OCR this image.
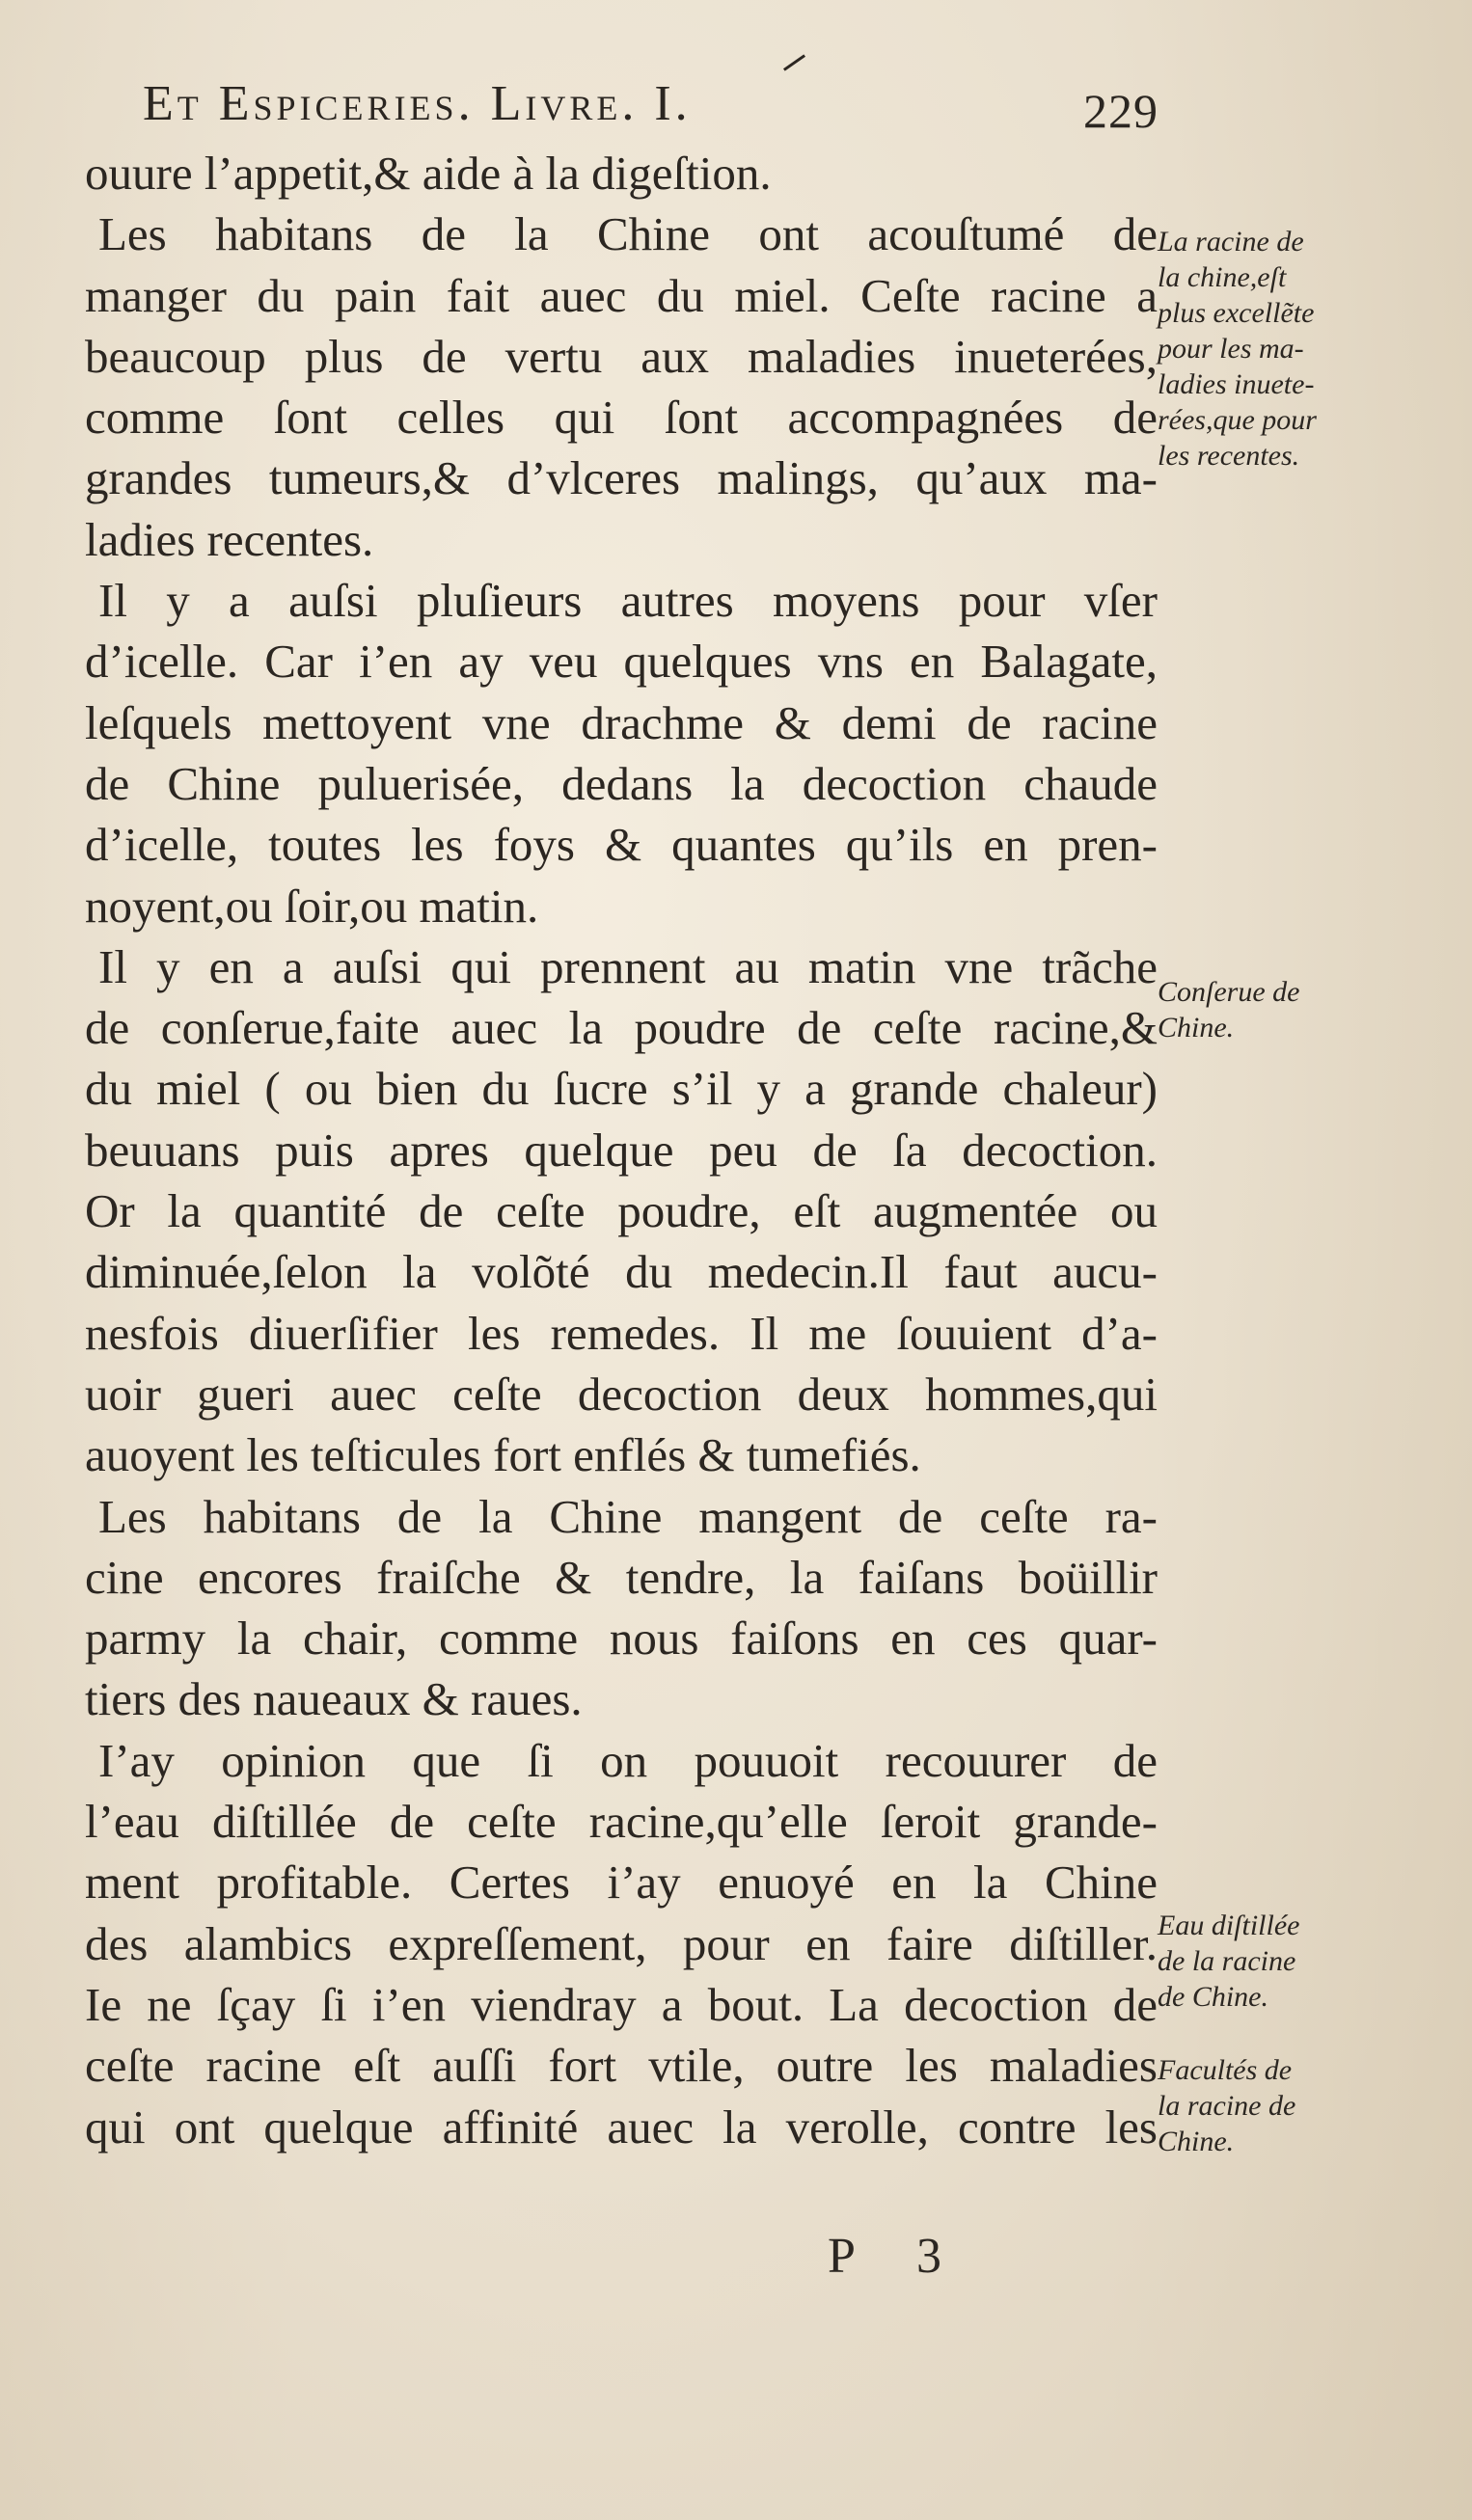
Et Espiceries. Livre. I.	229
ouure l’appetit,& aide à la digeſtion.
Les habitans de la Chine ont acouſtumé de
manger du pain fait auec du miel. Ceſte racine a
beaucoup plus de vertu aux maladies inueterées,
comme ſont celles qui ſont accompagnées de
grandes tumeurs,& d’vlceres malings, qu’aux ma-
ladies recentes.
Il y a auſsi pluſieurs autres moyens pour vſer
d’icelle. Car i’en ay veu quelques vns en Balagate,
leſquels mettoyent vne drachme & demi de racine
de Chine puluerisée, dedans la decoction chaude
d’icelle, toutes les foys & quantes qu’ils en pren-
noyent,ou ſoir,ou matin.
Il y en a auſsi qui prennent au matin vne trãche
de conſerue,faite auec la poudre de ceſte racine,&
du miel ( ou bien du ſucre s’il y a grande chaleur)
beuuans puis apres quelque peu de ſa decoction.
Or la quantité de ceſte poudre, eſt augmentée ou
diminuée,ſelon la volõté du medecin.Il faut aucu-
nesfois diuerſifier les remedes. Il me ſouuient d’a-
uoir gueri auec ceſte decoction deux hommes,qui
auoyent les teſticules fort enflés & tumefiés.
Les habitans de la Chine mangent de ceſte ra-
cine encores fraiſche & tendre, la faiſans boüillir
parmy la chair, comme nous faiſons en ces quar-
tiers des naueaux & raues.
I’ay opinion que ſi on pouuoit recouurer de
l’eau diſtillée de ceſte racine,qu’elle ſeroit grande-
ment profitable. Certes i’ay enuoyé en la Chine
des alambics expreſſement, pour en faire diſtiller.
Ie ne ſçay ſi i’en viendray a bout. La decoction de
ceſte racine eſt auſſi fort vtile, outre les maladies
qui ont quelque affinité auec la verolle, contre les
La racine de
la chine,eſt
plus excellẽte
pour les ma-
ladies inuete-
rées,que pour
les recentes.
Conſerue de
Chine.
Eau diſtillée
de la racine
de Chine.
Facultés de
la racine de
Chine.
P 3
